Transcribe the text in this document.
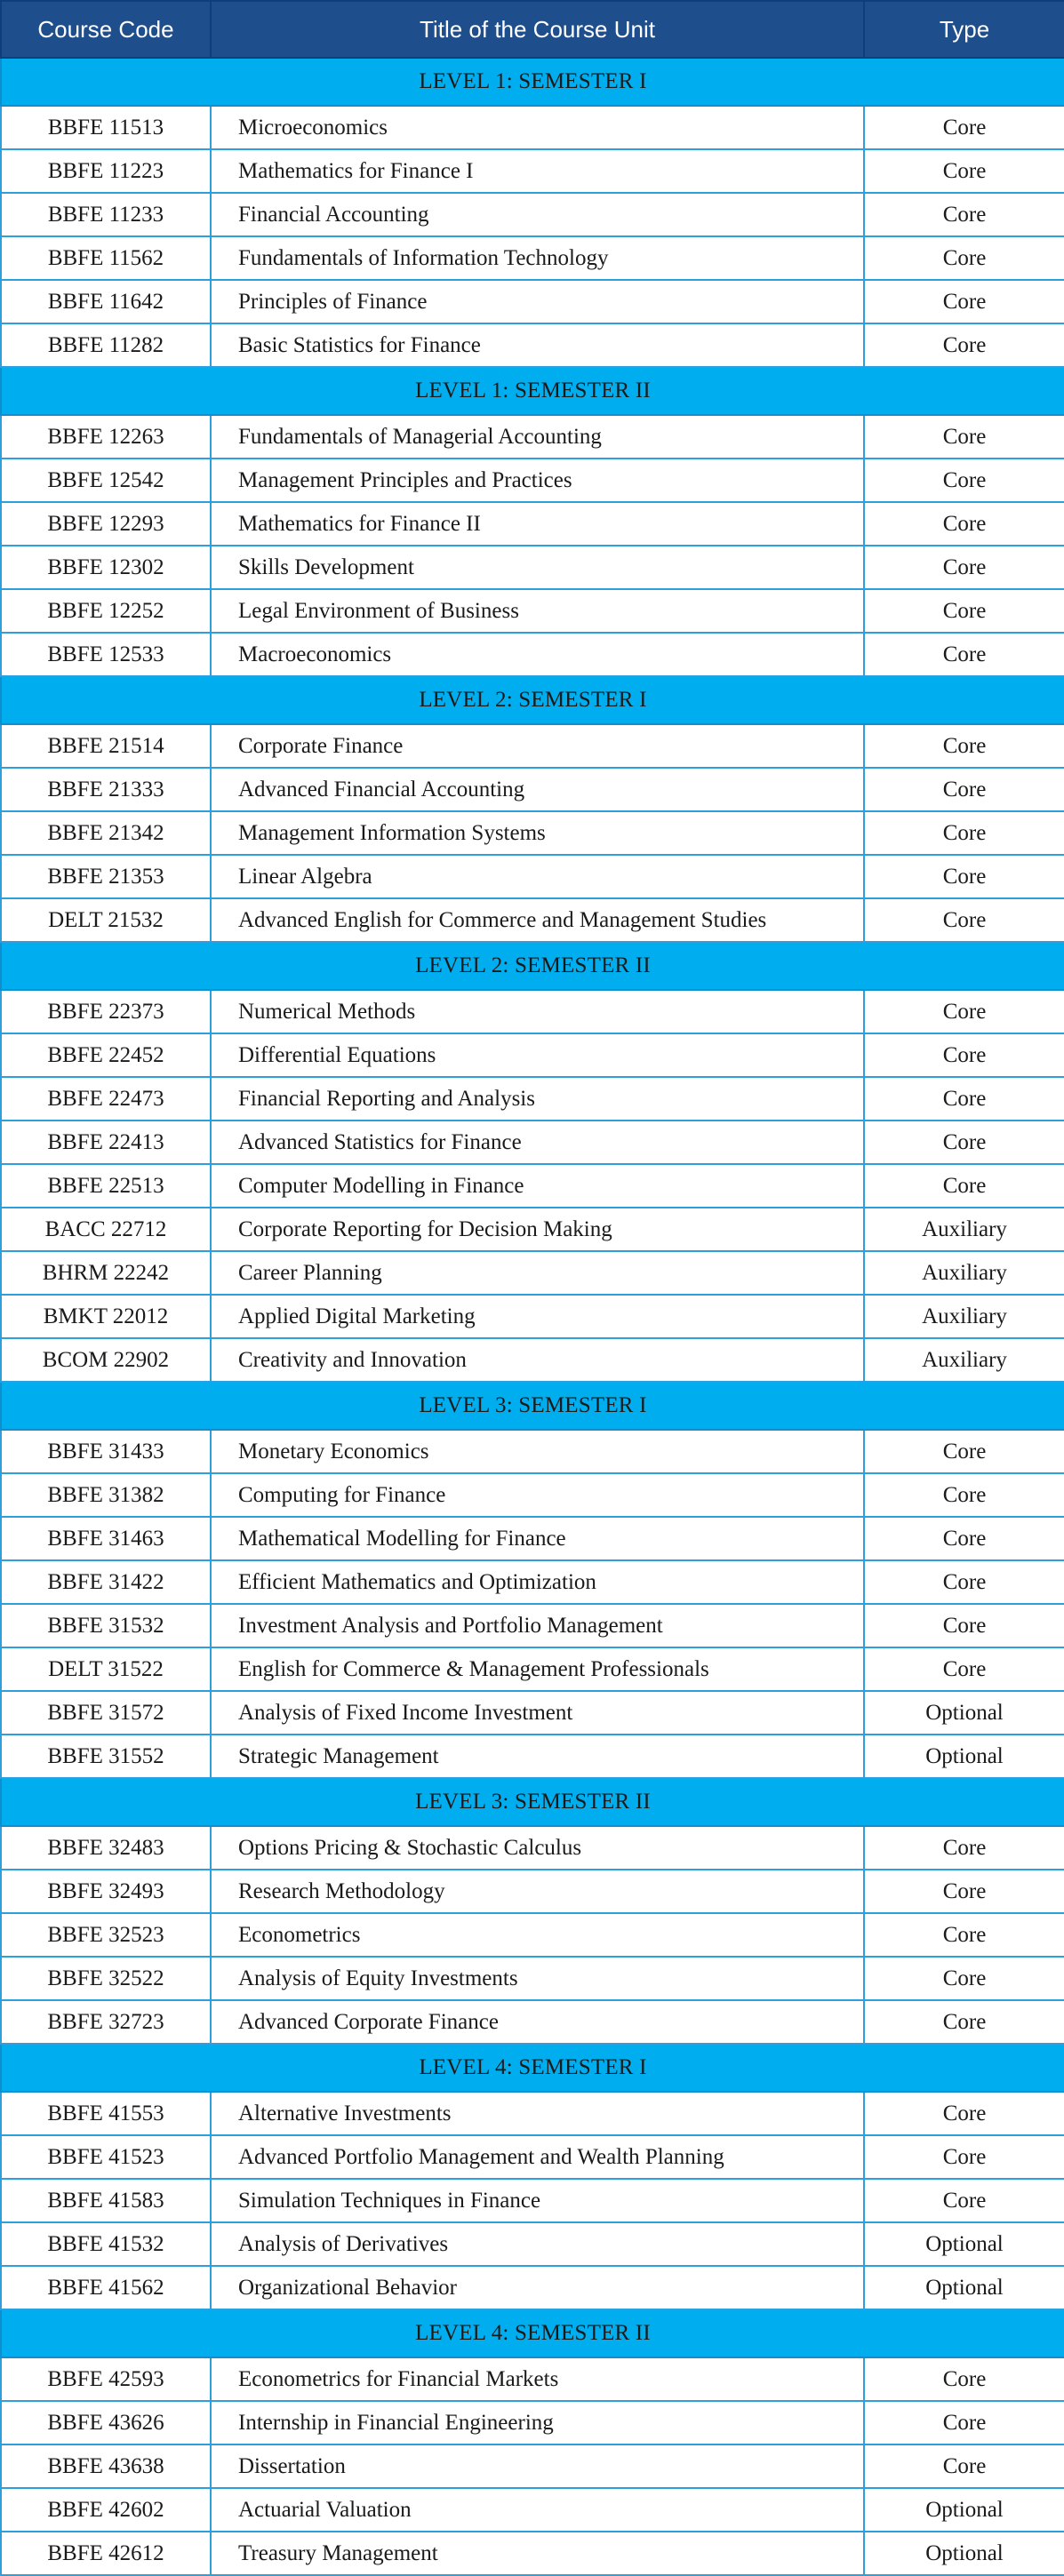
Course Code	Title of the Course Unit	Type
LEVEL 1: SEMESTER I		
BBFE 11513	Microeconomics	Core
BBFE 11223	Mathematics for Finance I	Core
BBFE 11233	Financial Accounting	Core
BBFE 11562	Fundamentals of Information Technology	Core
BBFE 11642	Principles of Finance	Core
BBFE 11282	Basic Statistics for Finance	Core
LEVEL 1: SEMESTER II		
BBFE 12263	Fundamentals of Managerial Accounting	Core
BBFE 12542	Management Principles and Practices	Core
BBFE 12293	Mathematics for Finance II	Core
BBFE 12302	Skills Development	Core
BBFE 12252	Legal Environment of Business	Core
BBFE 12533	Macroeconomics	Core
LEVEL 2: SEMESTER I		
BBFE 21514	Corporate Finance	Core
BBFE 21333	Advanced Financial Accounting	Core
BBFE 21342	Management Information Systems	Core
BBFE 21353	Linear Algebra	Core
DELT 21532	Advanced English for Commerce and Management Studies	Core
LEVEL 2: SEMESTER II		
BBFE 22373	Numerical Methods	Core
BBFE 22452	Differential Equations	Core
BBFE 22473	Financial Reporting and Analysis	Core
BBFE 22413	Advanced Statistics for Finance	Core
BBFE 22513	Computer Modelling in Finance	Core
BACC 22712	Corporate Reporting for Decision Making	Auxiliary
BHRM 22242	Career Planning	Auxiliary
BMKT 22012	Applied Digital Marketing	Auxiliary
BCOM 22902	Creativity and Innovation	Auxiliary
LEVEL 3: SEMESTER I		
BBFE 31433	Monetary Economics	Core
BBFE 31382	Computing for Finance	Core
BBFE 31463	Mathematical Modelling for Finance	Core
BBFE 31422	Efficient Mathematics and Optimization	Core
BBFE 31532	Investment Analysis and Portfolio Management	Core
DELT 31522	English for Commerce & Management Professionals	Core
BBFE 31572	Analysis of Fixed Income Investment	Optional
BBFE 31552	Strategic Management	Optional
LEVEL 3: SEMESTER II		
BBFE 32483	Options Pricing & Stochastic Calculus	Core
BBFE 32493	Research Methodology	Core
BBFE 32523	Econometrics	Core
BBFE 32522	Analysis of Equity Investments	Core
BBFE 32723	Advanced Corporate Finance	Core
LEVEL 4: SEMESTER I		
BBFE 41553	Alternative Investments	Core
BBFE 41523	Advanced Portfolio Management and Wealth Planning	Core
BBFE 41583	Simulation Techniques in Finance	Core
BBFE 41532	Analysis of Derivatives	Optional
BBFE 41562	Organizational Behavior	Optional
LEVEL 4: SEMESTER II		
BBFE 42593	Econometrics for Financial Markets	Core
BBFE 43626	Internship in Financial Engineering	Core
BBFE 43638	Dissertation	Core
BBFE 42602	Actuarial Valuation	Optional
BBFE 42612	Treasury Management	Optional
